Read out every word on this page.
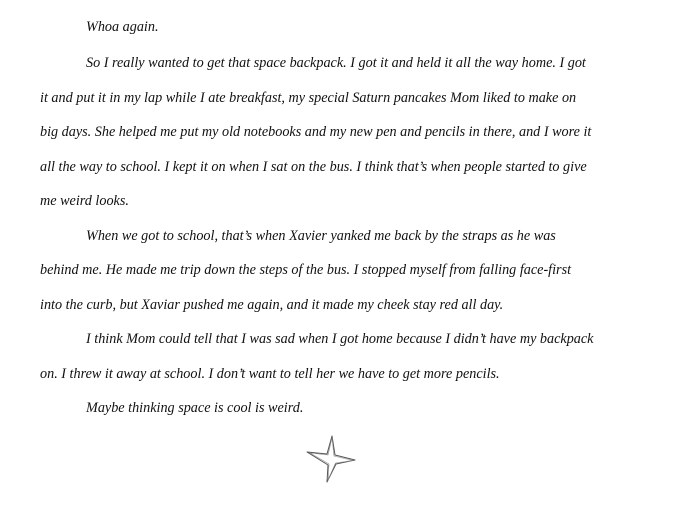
Whoa again.
So I really wanted to get that space backpack. I got it and held it all the way home. I got
it and put it in my lap while I ate breakfast, my special Saturn pancakes Mom liked to make on
big days. She helped me put my old notebooks and my new pen and pencils in there, and I wore it
all the way to school. I kept it on when I sat on the bus. I think that’s when people started to give
me weird looks.
When we got to school, that’s when Xavier yanked me back by the straps as he was
behind me. He made me trip down the steps of the bus. I stopped myself from falling face-first
into the curb, but Xaviar pushed me again, and it made my cheek stay red all day.
I think Mom could tell that I was sad when I got home because I didn’t have my backpack
on. I threw it away at school. I don’t want to tell her we have to get more pencils.
Maybe thinking space is cool is weird.
